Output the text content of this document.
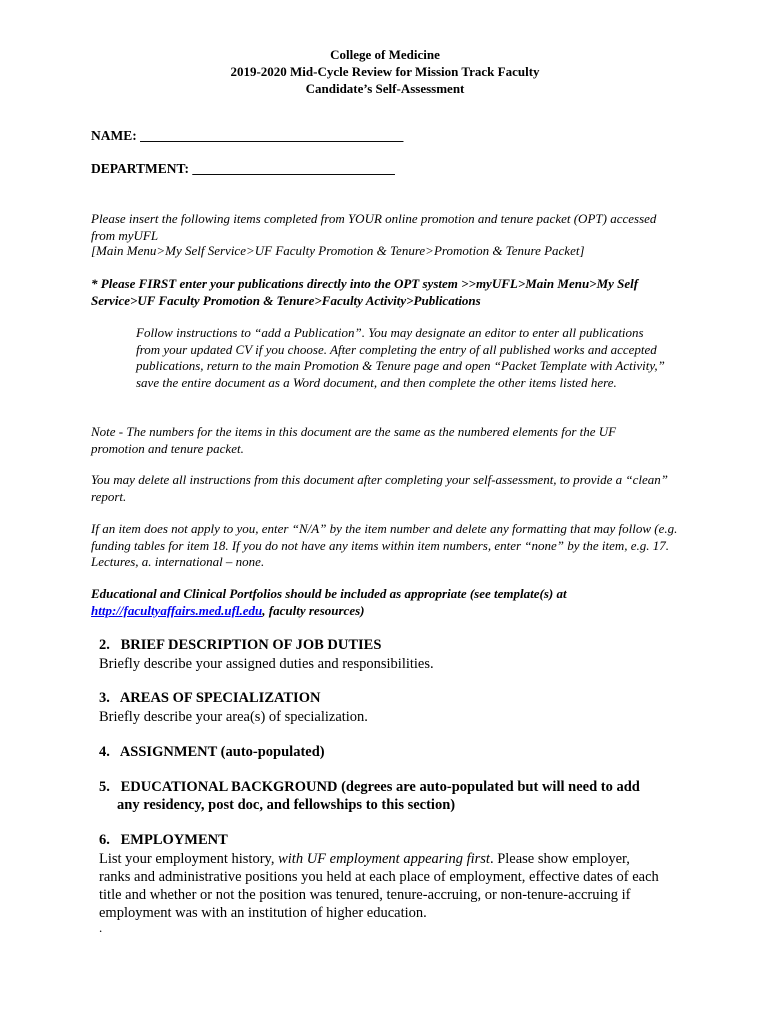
College of Medicine
2019-2020 Mid-Cycle Review for Mission Track Faculty
Candidate’s Self-Assessment
NAME: _______________________________________
DEPARTMENT: ______________________________
Please insert the following items completed from YOUR online promotion and tenure packet (OPT) accessed from myUFL
[Main Menu>My Self Service>UF Faculty Promotion & Tenure>Promotion & Tenure Packet]
* Please FIRST enter your publications directly into the OPT system >>myUFL>Main Menu>My Self Service>UF Faculty Promotion & Tenure>Faculty Activity>Publications
Follow instructions to “add a Publication”. You may designate an editor to enter all publications from your updated CV if you choose. After completing the entry of all published works and accepted publications, return to the main Promotion & Tenure page and open “Packet Template with Activity,” save the entire document as a Word document, and then complete the other items listed here.
Note - The numbers for the items in this document are the same as the numbered elements for the UF promotion and tenure packet.
You may delete all instructions from this document after completing your self-assessment, to provide a “clean” report.
If an item does not apply to you, enter “N/A” by the item number and delete any formatting that may follow (e.g. funding tables for item 18. If you do not have any items within item numbers, enter “none” by the item, e.g. 17. Lectures, a. international – none.
Educational and Clinical Portfolios should be included as appropriate (see template(s) at http://facultyaffairs.med.ufl.edu, faculty resources)
2. BRIEF DESCRIPTION OF JOB DUTIES
Briefly describe your assigned duties and responsibilities.
3. AREAS OF SPECIALIZATION
Briefly describe your area(s) of specialization.
4. ASSIGNMENT (auto-populated)
5. EDUCATIONAL BACKGROUND (degrees are auto-populated but will need to add
any residency, post doc, and fellowships to this section)
6. EMPLOYMENT
List your employment history, with UF employment appearing first. Please show employer, ranks and administrative positions you held at each place of employment, effective dates of each title and whether or not the position was tenured, tenure-accruing, or non-tenure-accruing if employment was with an institution of higher education.
.
